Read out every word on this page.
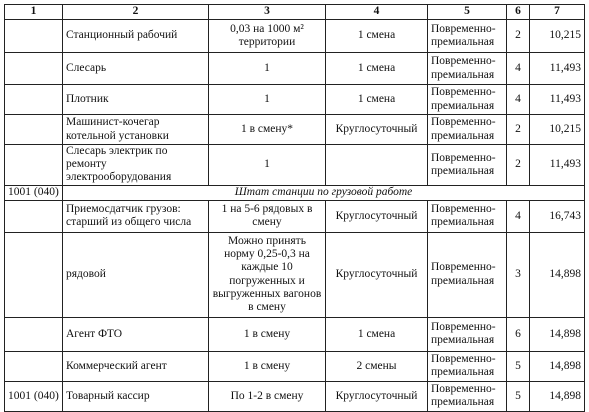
1	2	3	4	5	6	7
	Станционный рабочий	0,03 на 1000 м² территории	1 смена	Повременно-премиальная	2	10,215
	Слесарь	1	1 смена	Повременно-премиальная	4	11,493
	Плотник	1	1 смена	Повременно-премиальная	4	11,493
	Машинист-кочегар котельной установки	1 в смену*	Круглосуточный	Повременно-премиальная	2	10,215
	Слесарь электрик по ремонту электрооборудования	1		Повременно-премиальная	2	11,493
1001 (040)	Штат станции по грузовой работе					
	Приемосдатчик грузов: старший из общего числа	1 на 5-6 рядовых в смену	Круглосуточный	Повременно-премиальная	4	16,743
	рядовой	Можно принять норму 0,25-0,3 на каждые 10 погруженных и выгруженных вагонов в смену	Круглосуточный	Повременно-премиальная	3	14,898
	Агент ФТО	1 в смену	1 смена	Повременно-премиальная	6	14,898
	Коммерческий агент	1 в смену	2 смены	Повременно-премиальная	5	14,898
1001 (040)	Товарный кассир	По 1-2 в смену	Круглосуточный	Повременно-премиальная	5	14,898
